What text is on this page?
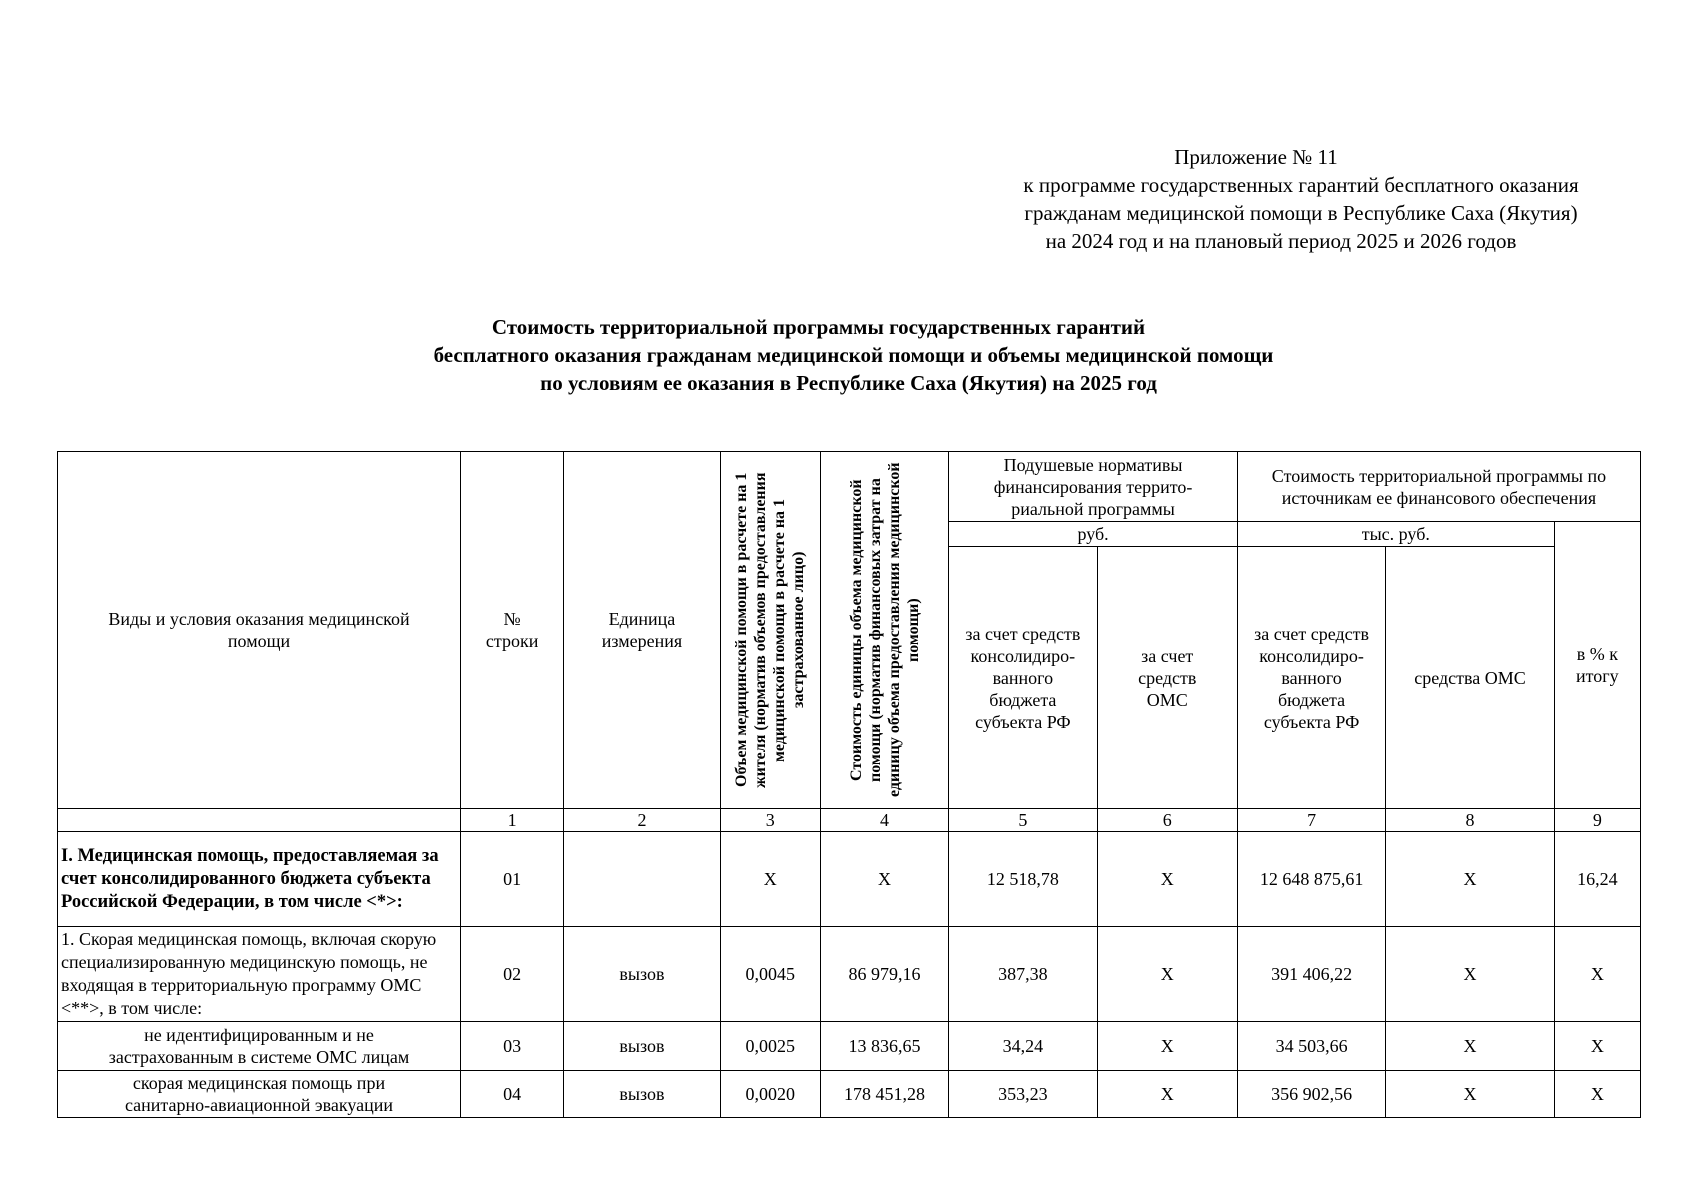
Приложение № 11
к программе государственных гарантий бесплатного оказания
гражданам медицинской помощи в Республике Саха (Якутия)
на 2024 год и на плановый период 2025 и 2026 годов
Стоимость территориальной программы государственных гарантий
бесплатного оказания гражданам медицинской помощи и объемы медицинской помощи
по условиям ее оказания в Республике Саха (Якутия) на 2025 год
Виды и условия оказания медицинской помощи	№ строки	Единица измерения	Объем медицинской помощи в расчете на 1 жителя (норматив объемов предоставления медицинской помощи в расчете на 1 застрахованное лицо)	Стоимость единицы объема медицинской помощи (норматив финансовых затрат на единицу объема предоставления медицинской помощи)	Подушевые нормативы финансирования террито-риальной программы		Стоимость территориальной программы по источникам ее финансового обеспечения		
					руб.		тыс. руб.		в % к итогу
					за счет средств консолидиро-ванного бюджета субъекта РФ	за счет средств ОМС	за счет средств консолидиро-ванного бюджета субъекта РФ	средства ОМС	
	1	2	3	4	5	6	7	8	9
I. Медицинская помощь, предоставляемая за счет консолидированного бюджета субъекта Российской Федерации, в том числе <*>:	01		Х	Х	12 518,78	Х	12 648 875,61	Х	16,24
1. Скорая медицинская помощь, включая скорую специализированную медицинскую помощь, не входящая в территориальную программу ОМС <**>, в том числе:	02	вызов	0,0045	86 979,16	387,38	Х	391 406,22	Х	Х
не идентифицированным и не застрахованным в системе ОМС лицам	03	вызов	0,0025	13 836,65	34,24	Х	34 503,66	Х	Х
скорая медицинская помощь при санитарно-авиационной эвакуации	04	вызов	0,0020	178 451,28	353,23	Х	356 902,56	Х	Х
